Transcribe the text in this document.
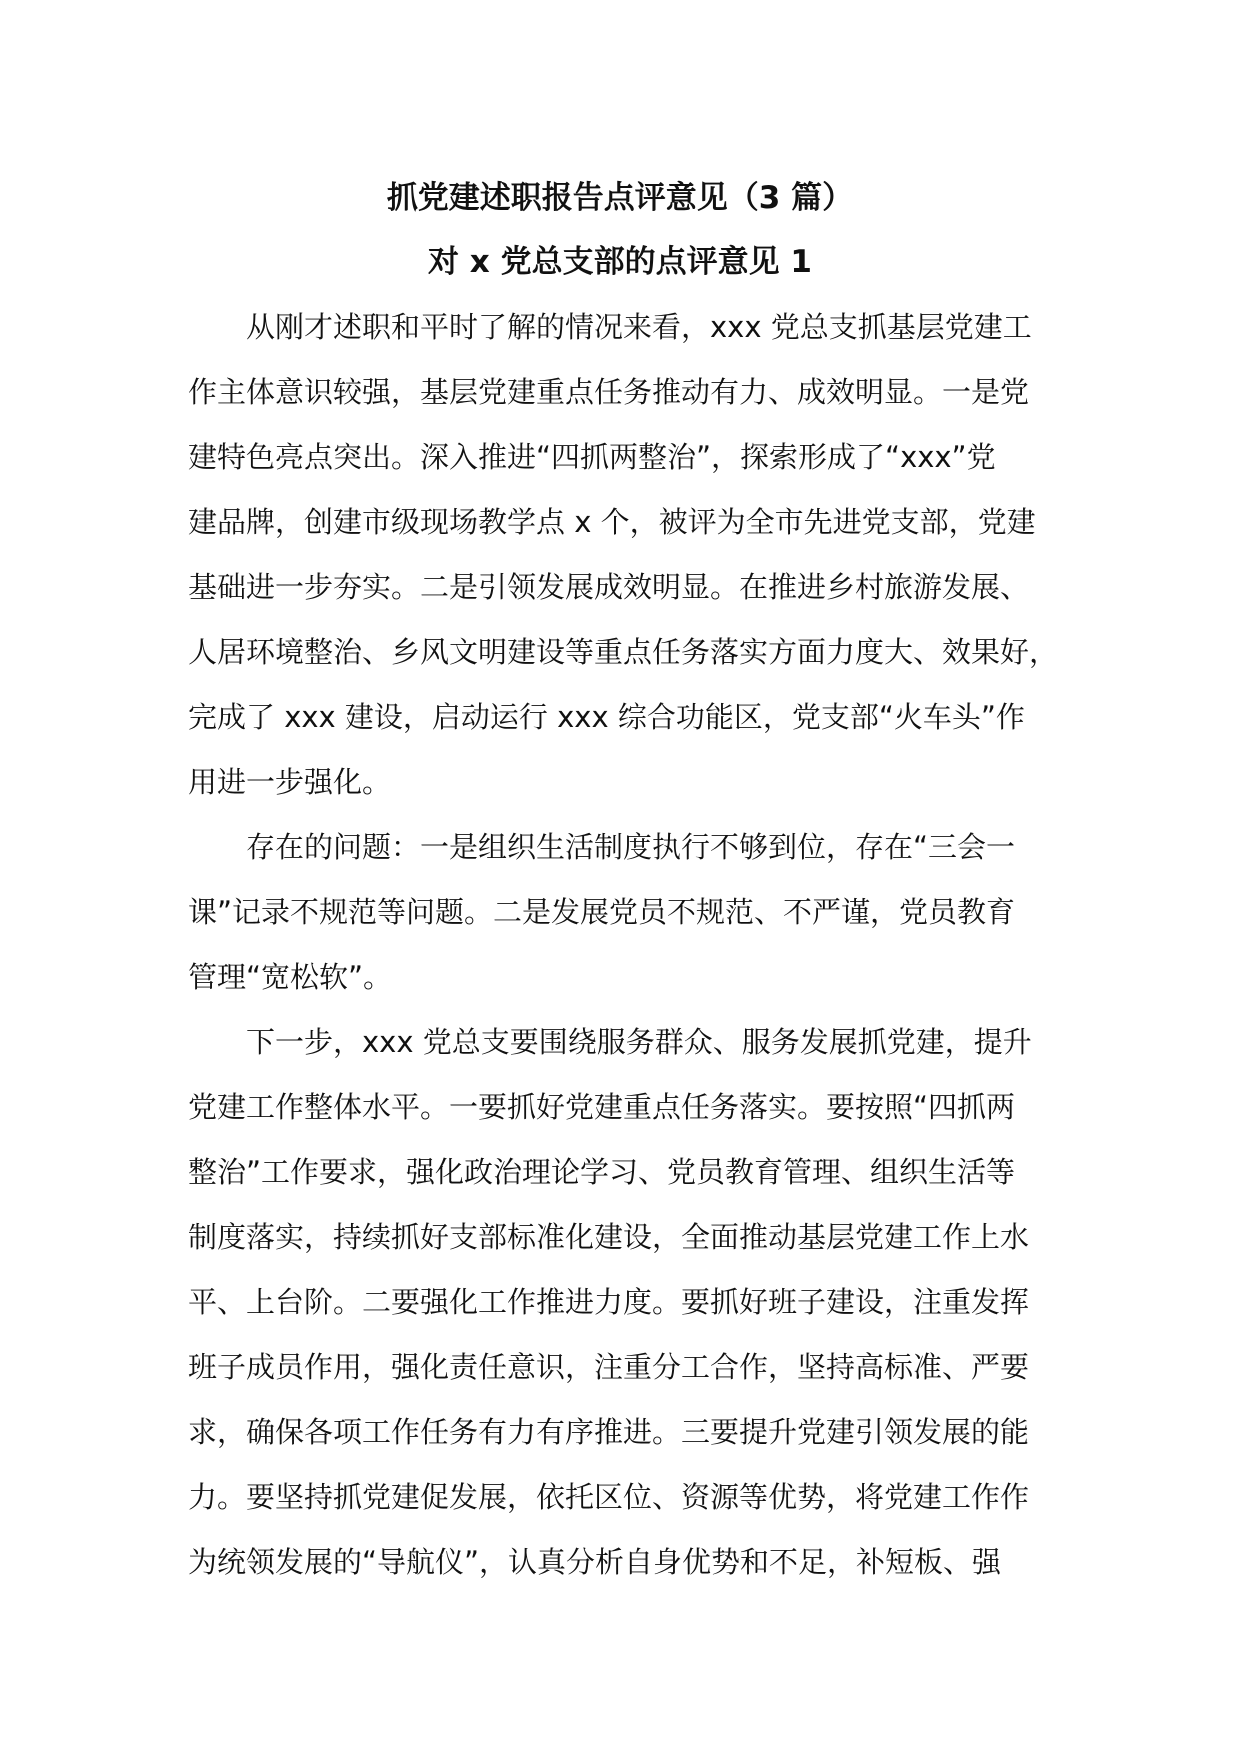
抓党建述职报告点评意见（3 篇）
对 x 党总支部的点评意见 1
从刚才述职和平时了解的情况来看，xxx 党总支抓基层党建工
作主体意识较强，基层党建重点任务推动有力、成效明显。一是党
建特色亮点突出。深入推进“四抓两整治”，探索形成了“xxx”党
建品牌，创建市级现场教学点 x 个，被评为全市先进党支部，党建
基础进一步夯实。二是引领发展成效明显。在推进乡村旅游发展、
人居环境整治、乡风文明建设等重点任务落实方面力度大、效果好，
完成了 xxx 建设，启动运行 xxx 综合功能区，党支部“火车头”作
用进一步强化。
存在的问题：一是组织生活制度执行不够到位，存在“三会一
课”记录不规范等问题。二是发展党员不规范、不严谨，党员教育
管理“宽松软”。
下一步，xxx 党总支要围绕服务群众、服务发展抓党建，提升
党建工作整体水平。一要抓好党建重点任务落实。要按照“四抓两
整治”工作要求，强化政治理论学习、党员教育管理、组织生活等
制度落实，持续抓好支部标准化建设，全面推动基层党建工作上水
平、上台阶。二要强化工作推进力度。要抓好班子建设，注重发挥
班子成员作用，强化责任意识，注重分工合作，坚持高标准、严要
求，确保各项工作任务有力有序推进。三要提升党建引领发展的能
力。要坚持抓党建促发展，依托区位、资源等优势，将党建工作作
为统领发展的“导航仪”，认真分析自身优势和不足，补短板、强
